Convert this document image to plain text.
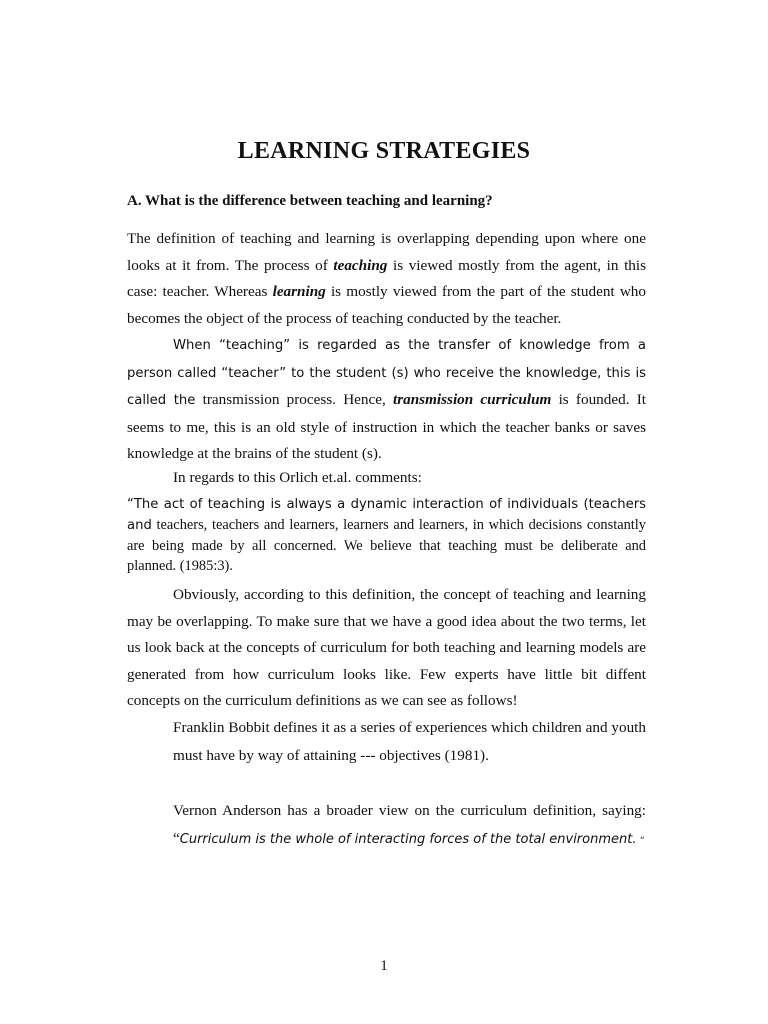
LEARNING STRATEGIES
A. What is the difference between teaching and learning?

The definition of teaching and learning is overlapping depending upon where one looks at it from. The process of teaching is viewed mostly from the agent, in this case: teacher. Whereas learning is mostly viewed from the part of the student who becomes the object of the process of teaching conducted by the teacher.

When “teaching” is regarded as the transfer of knowledge from a person called “teacher” to the student (s) who receive the knowledge, this is called the transmission process. Hence, transmission curriculum is founded. It seems to me, this is an old style of instruction in which the teacher banks or saves knowledge at the brains of the student (s).

In regards to this Orlich et.al. comments:

“The act of teaching is always a dynamic interaction of individuals (teachers and teachers, teachers and learners, learners and learners, in which decisions constantly are being made by all concerned. We believe that teaching must be deliberate and planned. (1985:3).

Obviously, according to this definition, the concept of teaching and learning may be overlapping. To make sure that we have a good idea about the two terms, let us look back at the concepts of curriculum for both teaching and learning models are generated from how curriculum looks like. Few experts have little bit diffent concepts on the curriculum definitions as we can see as follows!

Franklin Bobbit defines it as a series of experiences which children and youth must have by way of attaining --- objectives (1981).

Vernon Anderson has a broader view on the curriculum definition, saying: “Curriculum is the whole of interacting forces of the total environment. “

1
